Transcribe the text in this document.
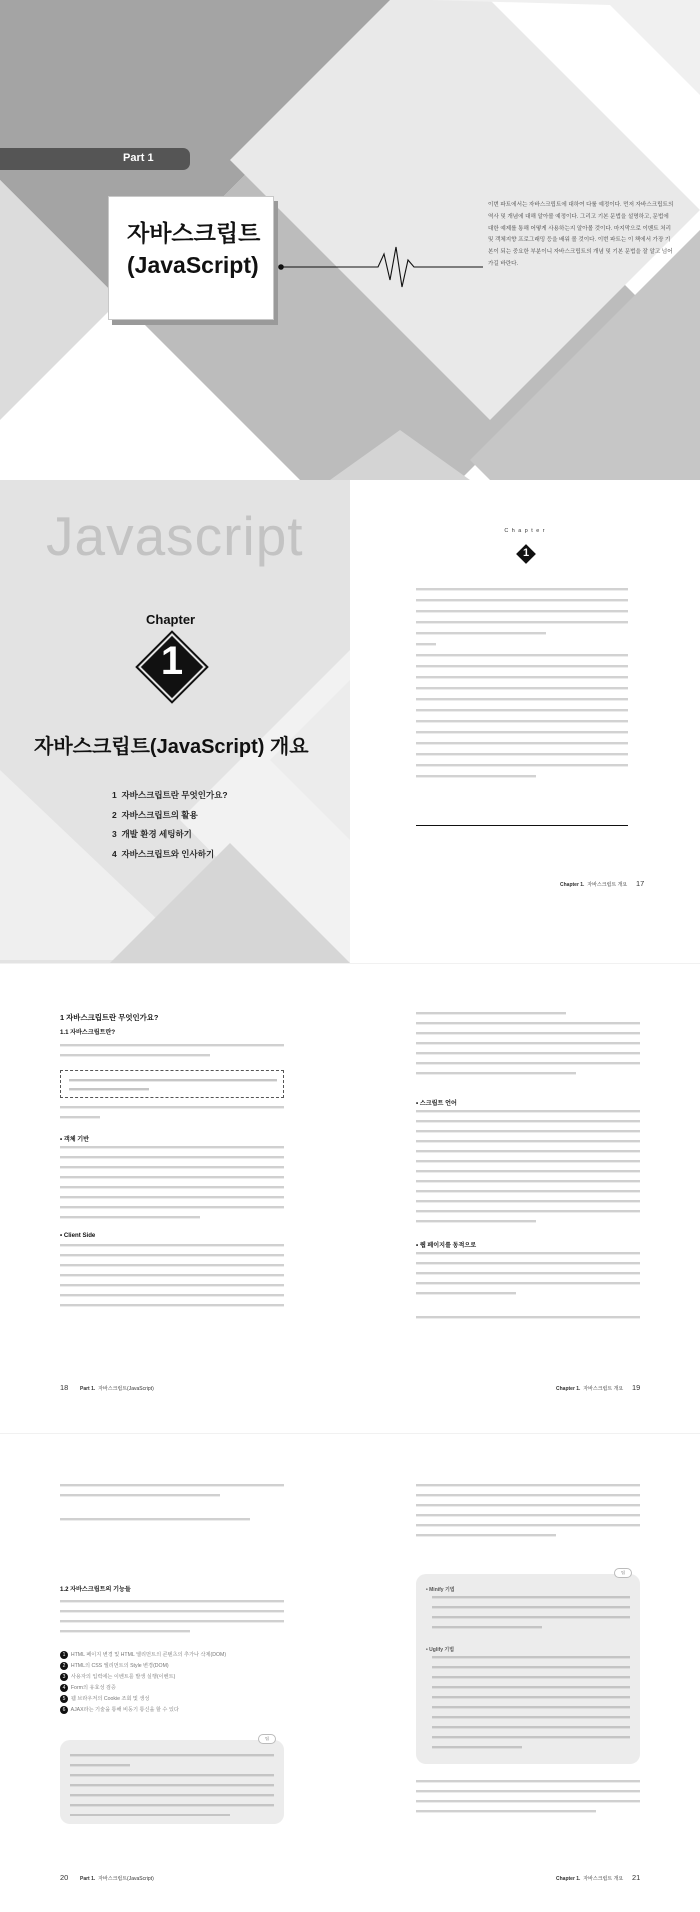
Part 1
자바스크립트
(JavaScript)
이번 파트에서는 자바스크립트에 대하여 다룰 예정이다. 먼저 자바스크립트의 역사 및 개념에 대해 알아볼 예정이다. 그리고 기본 문법을 설명하고, 문법에 대한 예제를 통해 어떻게 사용하는지 알아볼 것이다. 마지막으로 이벤트 처리 및 객체지향 프로그래밍 등을 배워 볼 것이다. 이번 파트는 이 책에서 가장 기본이 되는 중요한 부분이니 자바스크립트의 개념 및 기본 문법을 잘 알고 넘어가길 바란다.
Javascript
Chapter
1
자바스크립트(JavaScript) 개요
1 자바스크립트란 무엇인가요?
2 자바스크립트의 활용
3 개발 환경 세팅하기
4 자바스크립트와 인사하기
C h a p t e r
1
Chapter 1. 자바스크립트 개요 17
1 자바스크립트란 무엇인가요?
1.1 자바스크립트란?
• 객체 기반
• Client Side
18 Part 1. 자바스크립트(JavaScript)
• 스크립트 언어
• 웹 페이지를 동적으로
Chapter 1. 자바스크립트 개요 19
1.2 자바스크립트의 기능들
1 HTML 페이지 변경 및 HTML 엘리먼트의 콘텐츠의 추가나 삭제(DOM)
2 HTML의 CSS 엘리먼트의 Style 변경(DOM)
3 사용자의 입력에는 이벤트를 발생 실행(이벤트)
4 Form의 유효성 검증
5 웹 브라우저의 Cookie 조회 및 생성
6 AJAX라는 기술을 통해 비동기 통신을 할 수 있다
팁
20 Part 1. 자바스크립트(JavaScript)
팁
• Minify 기법
• Uglify 기법
Chapter 1. 자바스크립트 개요 21
